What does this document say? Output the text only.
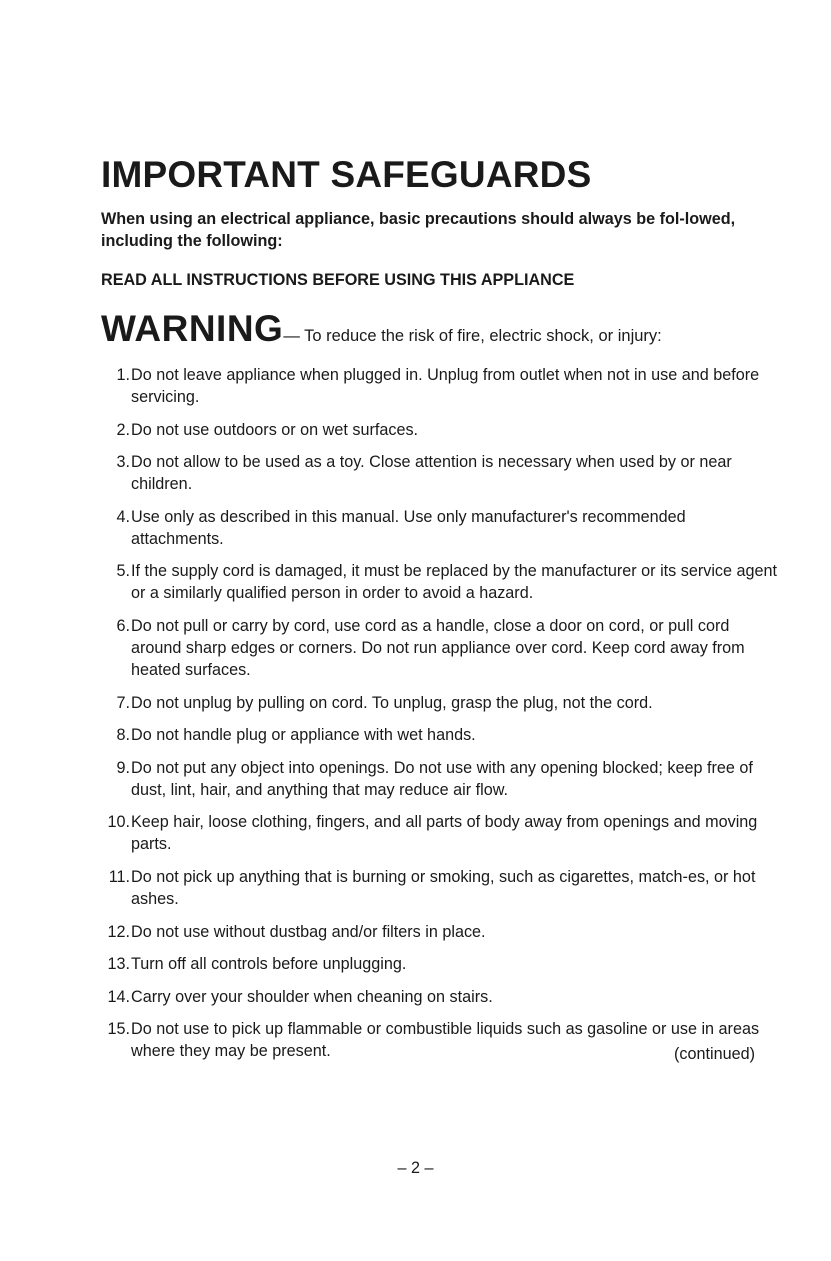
IMPORTANT SAFEGUARDS

When using an electrical appliance, basic precautions should always be fol-lowed, including the following:

READ ALL INSTRUCTIONS BEFORE USING THIS APPLIANCE

WARNING— To reduce the risk of fire, electric shock, or injury:

1. Do not leave appliance when plugged in. Unplug from outlet when not in use and before servicing.
2. Do not use outdoors or on wet surfaces.
3. Do not allow to be used as a toy. Close attention is necessary when used by or near children.
4. Use only as described in this manual. Use only manufacturer's recommended attachments.
5. If the supply cord is damaged, it must be replaced by the manufacturer or its service agent or a similarly qualified person in order to avoid a hazard.
6. Do not pull or carry by cord, use cord as a handle, close a door on cord, or pull cord around sharp edges or corners. Do not run appliance over cord. Keep cord away from heated surfaces.
7. Do not unplug by pulling on cord. To unplug, grasp the plug, not the cord.
8. Do not handle plug or appliance with wet hands.
9. Do not put any object into openings. Do not use with any opening blocked; keep free of dust, lint, hair, and anything that may reduce air flow.
10. Keep hair, loose clothing, fingers, and all parts of body away from openings and moving parts.
11. Do not pick up anything that is burning or smoking, such as cigarettes, match-es, or hot ashes.
12. Do not use without dustbag and/or filters in place.
13. Turn off all controls before unplugging.
14. Carry over your shoulder when cheaning on stairs.
15. Do not use to pick up flammable or combustible liquids such as gasoline or use in areas where they may be present.	(continued)

– 2 –
